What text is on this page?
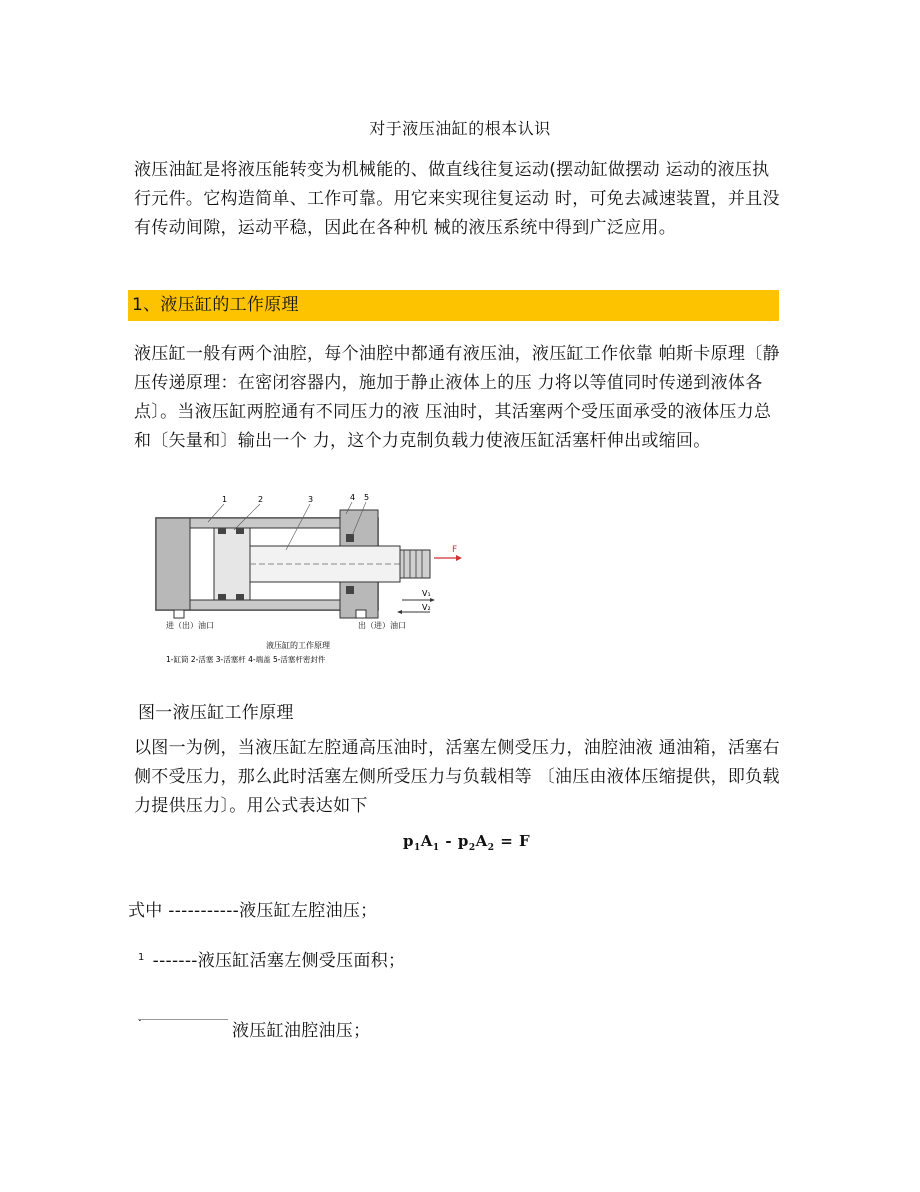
对于液压油缸的根本认识

液压油缸是将液压能转变为机械能的、做直线往复运动(摆动缸做摆动 运动的液压执行元件。它构造简单、工作可靠。用它来实现往复运动 时，可免去减速装置，并且没有传动间隙，运动平稳，因此在各种机 械的液压系统中得到广泛应用。

1、液压缸的工作原理

液压缸一般有两个油腔，每个油腔中都通有液压油，液压缸工作依靠 帕斯卡原理〔静压传递原理：在密闭容器内，施加于静止液体上的压 力将以等值同时传递到液体各点〕。当液压缸两腔通有不同压力的液 压油时，其活塞两个受压面承受的液体压力总和〔矢量和〕输出一个 力，这个力克制负载力使液压缸活塞杆伸出或缩回。

F
V₁
V₂
1	2	3	4 5
进（出）油口	出（进）油口
液压缸的工作原理
1-缸筒 2-活塞 3-活塞杆 4-端盖 5-活塞杆密封件
图一液压缸工作原理

以图一为例，当液压缸左腔通高压油时，活塞左侧受压力，油腔油液 通油箱，活塞右侧不受压力，那么此时活塞左侧所受压力与负载相等 〔油压由液体压缩提供，即负载力提供压力〕。用公式表达如下

$p_1A_1 - p_2A_2 = F$
式中 -----------液压缸左腔油压；
$^1$ -------液压缸活塞左侧受压面积；
.
液压缸油腔油压；
